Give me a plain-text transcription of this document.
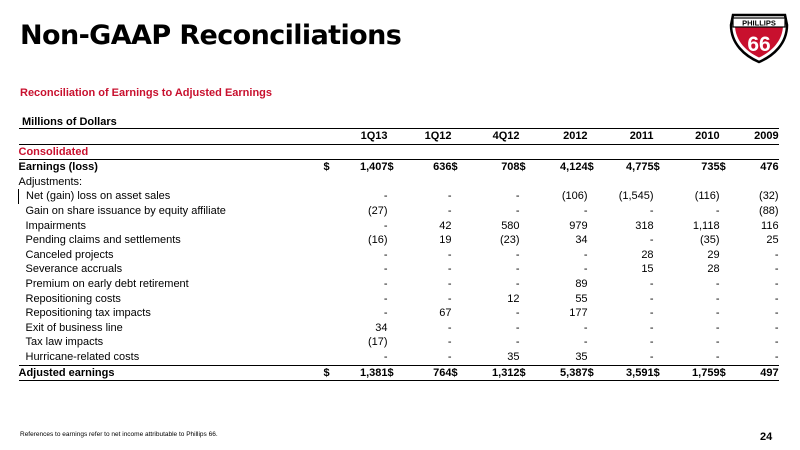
Non-GAAP Reconciliations	PHILLIPS
66
Reconciliation of Earnings to Adjusted Earnings
Millions of Dollars
	1Q13		1Q12		4Q12		2012		2011		2010		2009	
Consolidated														
Earnings (loss)	$	1,407	$	636	$	708	$	4,124	$	4,775	$	735	$	476
Adjustments:														
Net (gain) loss on asset sales		-		-		-		(106)		(1,545)		(116)		(32)
Gain on share issuance by equity affiliate		(27)		-		-		-		-		-		(88)
Impairments		-		42		580		979		318		1,118		116
Pending claims and settlements		(16)		19		(23)		34		-		(35)		25
Canceled projects		-		-		-		-		28		29		-
Severance accruals		-		-		-		-		15		28		-
Premium on early debt retirement		-		-		-		89		-		-		-
Repositioning costs		-		-		12		55		-		-		-
Repositioning tax impacts		-		67		-		177		-		-		-
Exit of business line		34		-		-		-		-		-		-
Tax law impacts		(17)		-		-		-		-		-		-
Hurricane-related costs		-		-		35		35		-		-		-
Adjusted earnings	$	1,381	$	764	$	1,312	$	5,387	$	3,591	$	1,759	$	497
References to earnings refer to net income attributable to Phillips 66.	24
